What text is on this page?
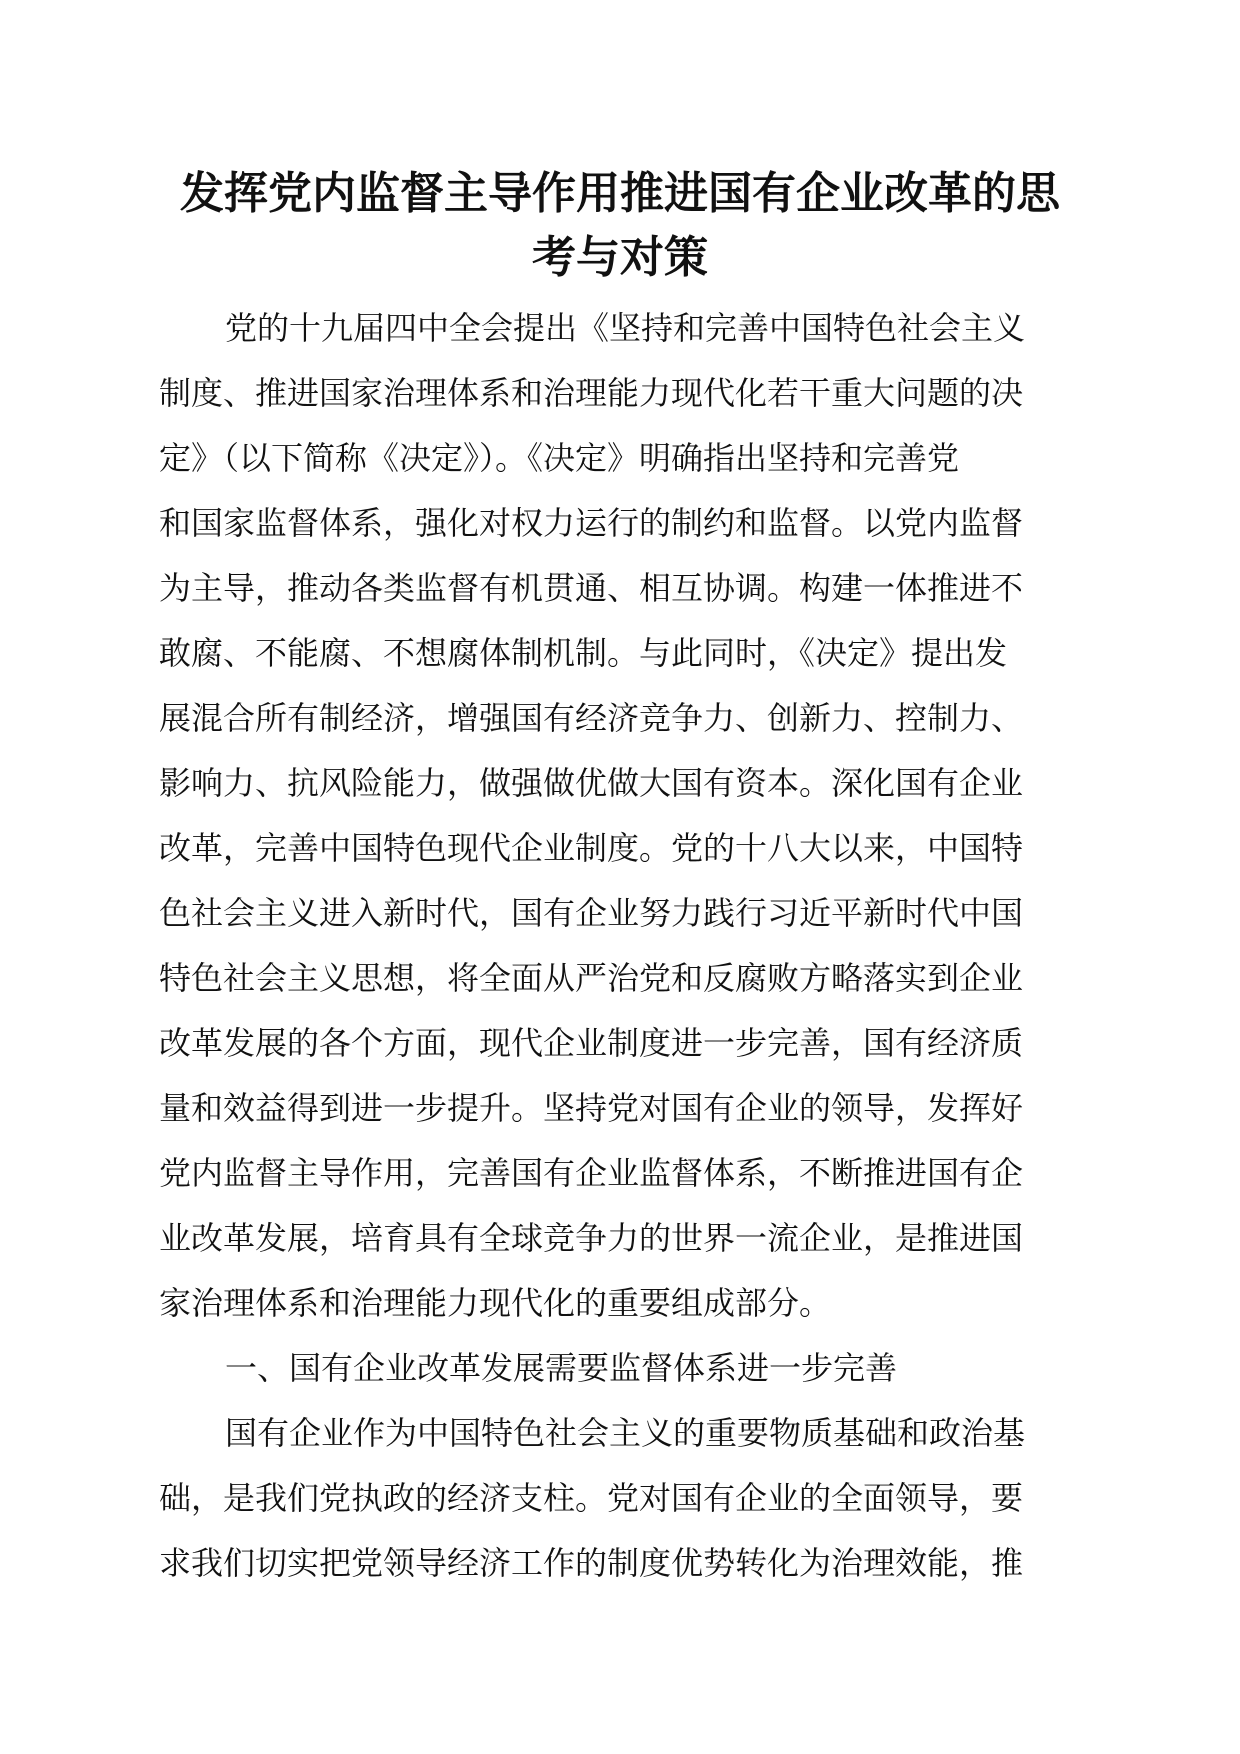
发挥党内监督主导作用推进国有企业改革的思
考与对策
党的十九届四中全会提出《坚持和完善中国特色社会主义
制度、推进国家治理体系和治理能力现代化若干重大问题的决
定》（以下简称《决定》）。《决定》明确指出坚持和完善党
和国家监督体系，强化对权力运行的制约和监督。以党内监督
为主导，推动各类监督有机贯通、相互协调。构建一体推进不
敢腐、不能腐、不想腐体制机制。与此同时，《决定》提出发
展混合所有制经济，增强国有经济竞争力、创新力、控制力、
影响力、抗风险能力，做强做优做大国有资本。深化国有企业
改革，完善中国特色现代企业制度。党的十八大以来，中国特
色社会主义进入新时代，国有企业努力践行习近平新时代中国
特色社会主义思想，将全面从严治党和反腐败方略落实到企业
改革发展的各个方面，现代企业制度进一步完善，国有经济质
量和效益得到进一步提升。坚持党对国有企业的领导，发挥好
党内监督主导作用，完善国有企业监督体系，不断推进国有企
业改革发展，培育具有全球竞争力的世界一流企业，是推进国
家治理体系和治理能力现代化的重要组成部分。
一、国有企业改革发展需要监督体系进一步完善
国有企业作为中国特色社会主义的重要物质基础和政治基
础，是我们党执政的经济支柱。党对国有企业的全面领导，要
求我们切实把党领导经济工作的制度优势转化为治理效能，推
